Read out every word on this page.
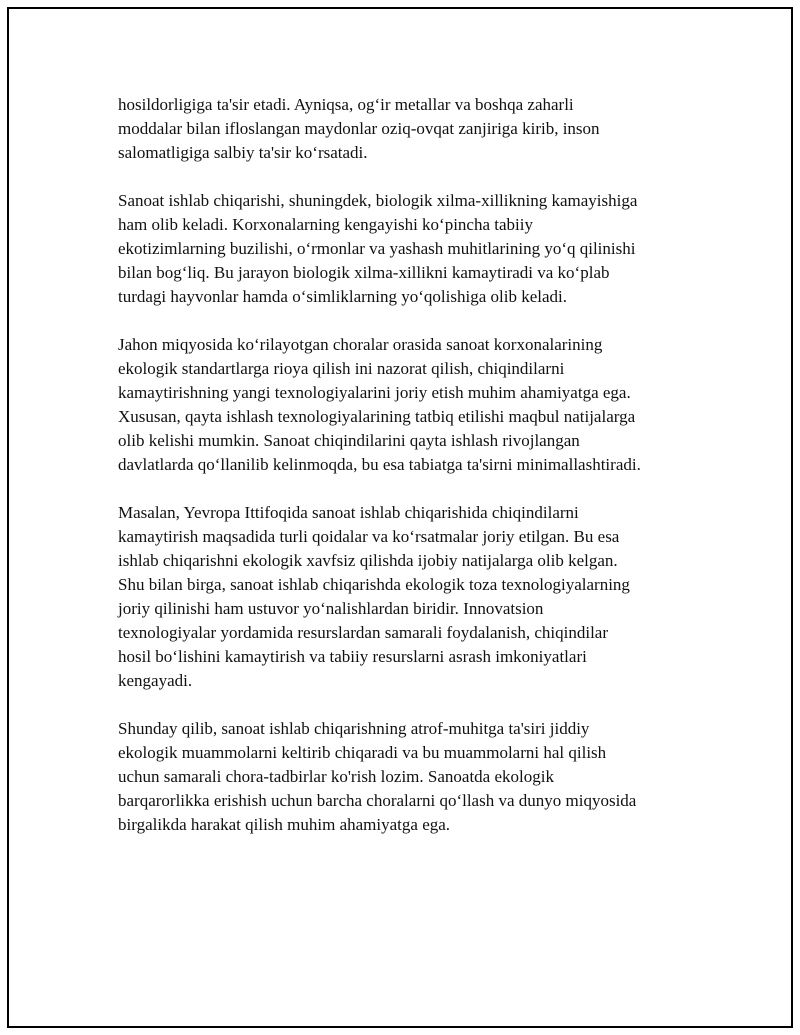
hosildorligiga ta'sir etadi. Ayniqsa, og‘ir metallar va boshqa zaharli
moddalar bilan ifloslangan maydonlar oziq-ovqat zanjiriga kirib, inson
salomatligiga salbiy ta'sir ko‘rsatadi.

Sanoat ishlab chiqarishi, shuningdek, biologik xilma-xillikning kamayishiga
ham olib keladi. Korxonalarning kengayishi ko‘pincha tabiiy
ekotizimlarning buzilishi, o‘rmonlar va yashash muhitlarining yo‘q qilinishi
bilan bog‘liq. Bu jarayon biologik xilma-xillikni kamaytiradi va ko‘plab
turdagi hayvonlar hamda o‘simliklarning yo‘qolishiga olib keladi.

Jahon miqyosida ko‘rilayotgan choralar orasida sanoat korxonalarining
ekologik standartlarga rioya qilish ini nazorat qilish, chiqindilarni
kamaytirishning yangi texnologiyalarini joriy etish muhim ahamiyatga ega.
Xususan, qayta ishlash texnologiyalarining tatbiq etilishi maqbul natijalarga
olib kelishi mumkin. Sanoat chiqindilarini qayta ishlash rivojlangan
davlatlarda qo‘llanilib kelinmoqda, bu esa tabiatga ta'sirni minimallashtiradi.

Masalan, Yevropa Ittifoqida sanoat ishlab chiqarishida chiqindilarni
kamaytirish maqsadida turli qoidalar va ko‘rsatmalar joriy etilgan. Bu esa
ishlab chiqarishni ekologik xavfsiz qilishda ijobiy natijalarga olib kelgan.
Shu bilan birga, sanoat ishlab chiqarishda ekologik toza texnologiyalarning
joriy qilinishi ham ustuvor yo‘nalishlardan biridir. Innovatsion
texnologiyalar yordamida resurslardan samarali foydalanish, chiqindilar
hosil bo‘lishini kamaytirish va tabiiy resurslarni asrash imkoniyatlari
kengayadi.

Shunday qilib, sanoat ishlab chiqarishning atrof-muhitga ta'siri jiddiy
ekologik muammolarni keltirib chiqaradi va bu muammolarni hal qilish
uchun samarali chora-tadbirlar ko'rish lozim. Sanoatda ekologik
barqarorlikka erishish uchun barcha choralarni qo‘llash va dunyo miqyosida
birgalikda harakat qilish muhim ahamiyatga ega.
